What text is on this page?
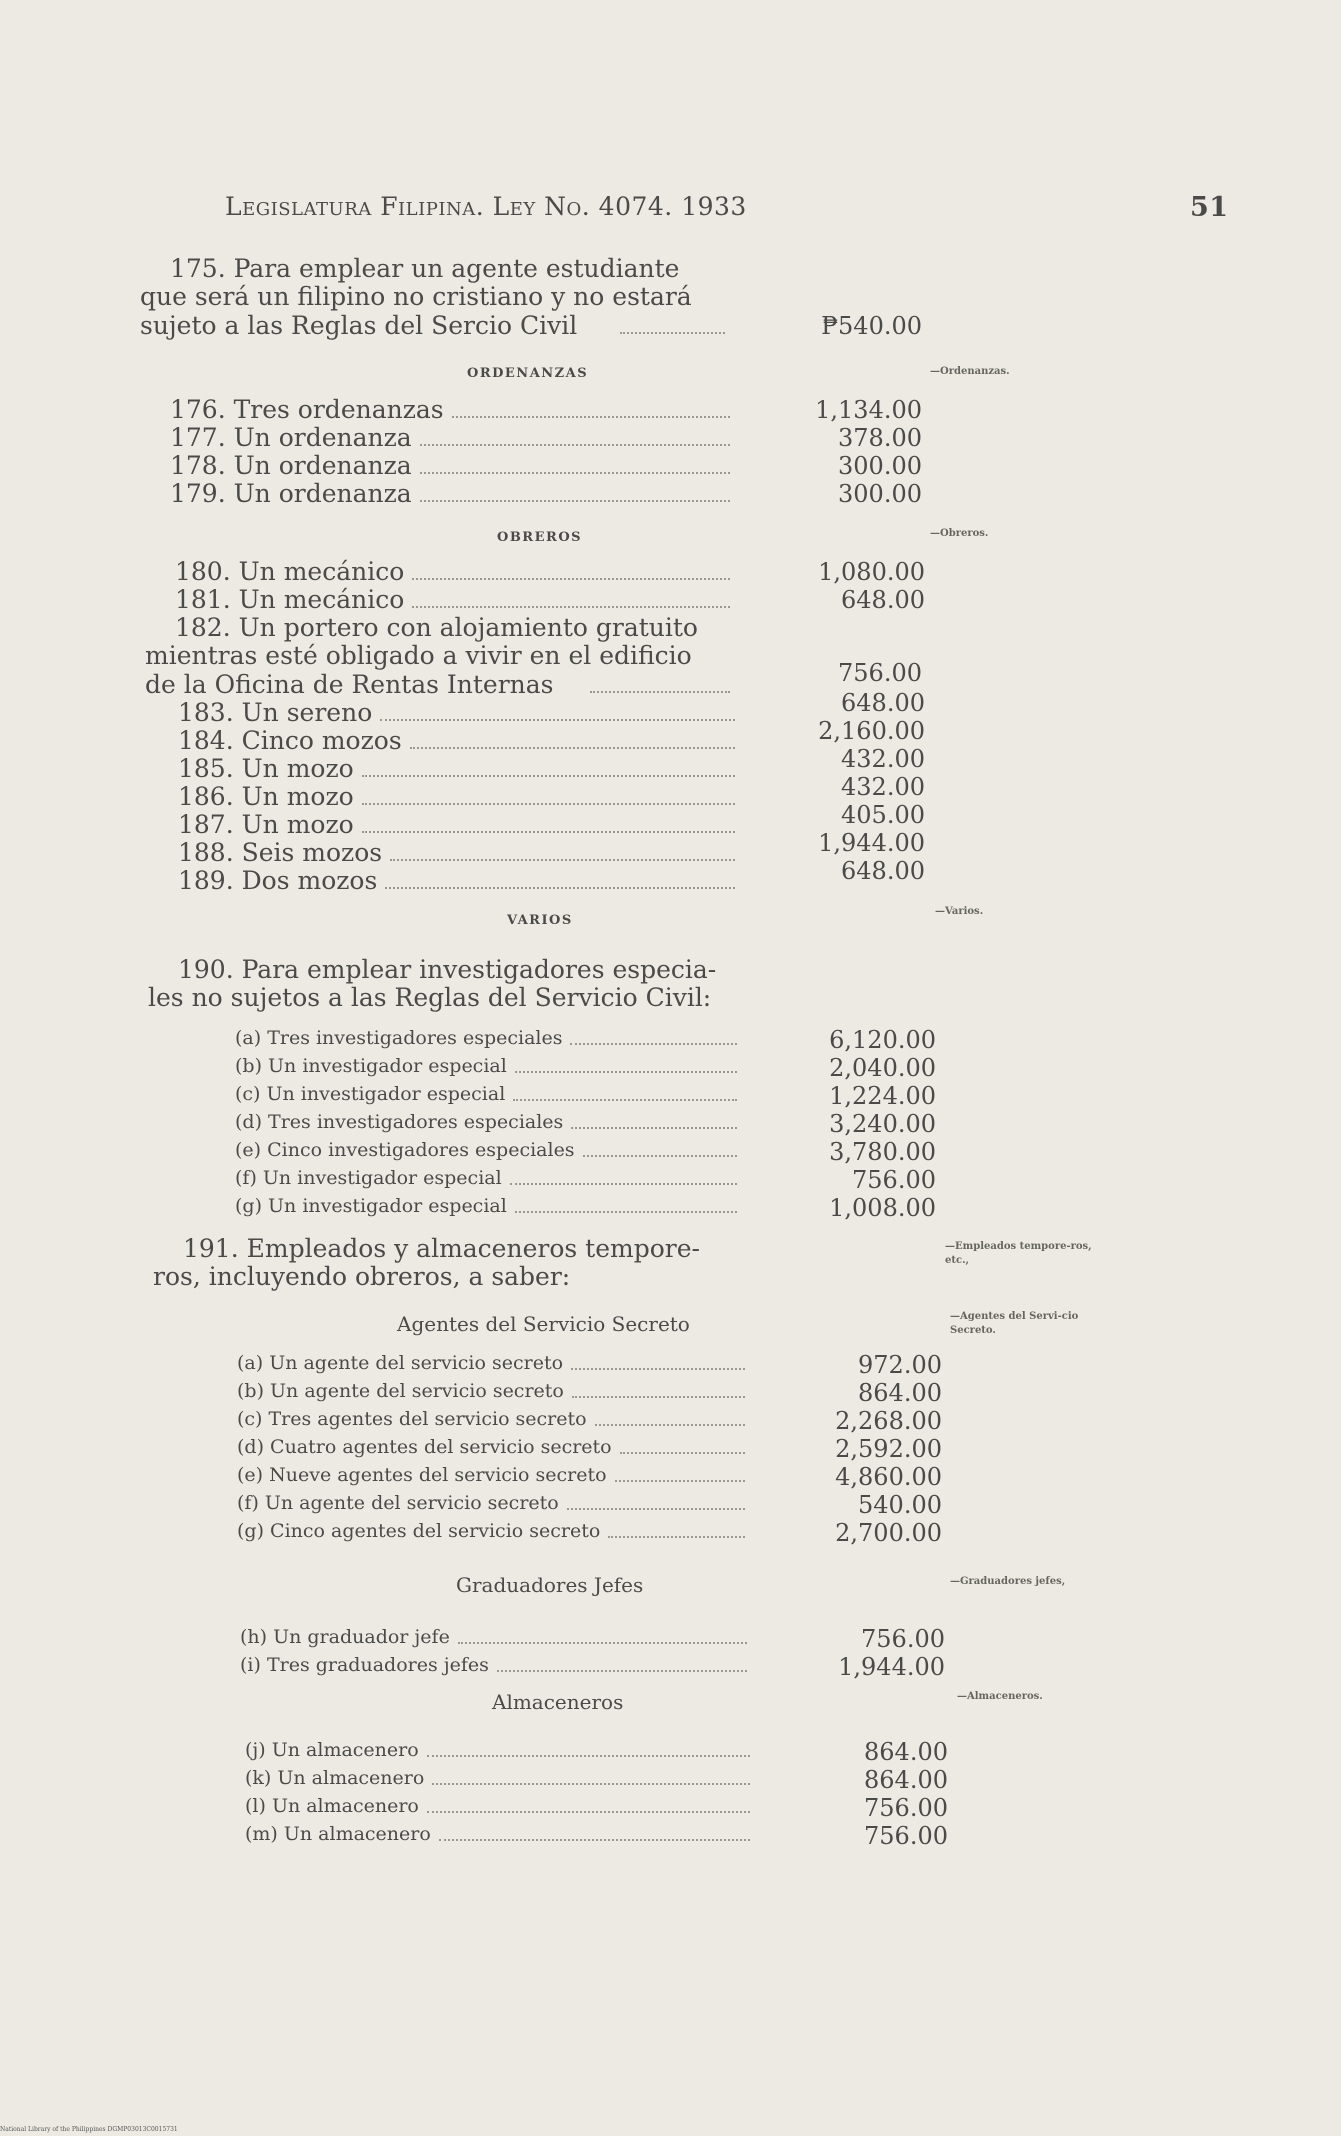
Legislatura Filipina. Ley No. 4074. 1933	51
175. Para emplear un agente estudiante
que será un filipino no cristiano y no estará
sujeto a las Reglas del Sercio Civil	₱540.00
ORDENANZAS	—Ordenanzas.
176. Tres ordenanzas	1,134.00
177. Un ordenanza	378.00
178. Un ordenanza	300.00
179. Un ordenanza	300.00
OBREROS	—Obreros.
180. Un mecánico	1,080.00
181. Un mecánico	648.00
182. Un portero con alojamiento gratuito
mientras esté obligado a vivir en el edificio
de la Oficina de Rentas Internas	756.00
183. Un sereno	648.00
184. Cinco mozos	2,160.00
185. Un mozo	432.00
186. Un mozo	432.00
187. Un mozo	405.00
188. Seis mozos	1,944.00
189. Dos mozos	648.00
VARIOS
—Varios.
190. Para emplear investigadores especia-
les no sujetos a las Reglas del Servicio Civil:
(a) Tres investigadores especiales	6,120.00
(b) Un investigador especial	2,040.00
(c) Un investigador especial	1,224.00
(d) Tres investigadores especiales	3,240.00
(e) Cinco investigadores especiales	3,780.00
(f) Un investigador especial	756.00
(g) Un investigador especial	1,008.00
191. Empleados y almaceneros tempore-
ros, incluyendo obreros, a saber:
—Empleados tempore-ros, etc.,
Agentes del Servicio Secreto	—Agentes del Servi-cio Secreto.
(a) Un agente del servicio secreto	972.00
(b) Un agente del servicio secreto	864.00
(c) Tres agentes del servicio secreto	2,268.00
(d) Cuatro agentes del servicio secreto	2,592.00
(e) Nueve agentes del servicio secreto	4,860.00
(f) Un agente del servicio secreto	540.00
(g) Cinco agentes del servicio secreto	2,700.00
Graduadores Jefes	—Graduadores jefes,
(h) Un graduador jefe	756.00
(i) Tres graduadores jefes	1,944.00
Almaceneros	—Almaceneros.
(j) Un almacenero	864.00
(k) Un almacenero	864.00
(l) Un almacenero	756.00
(m) Un almacenero	756.00
National Library of the Philippines DGMP03013C0015731
